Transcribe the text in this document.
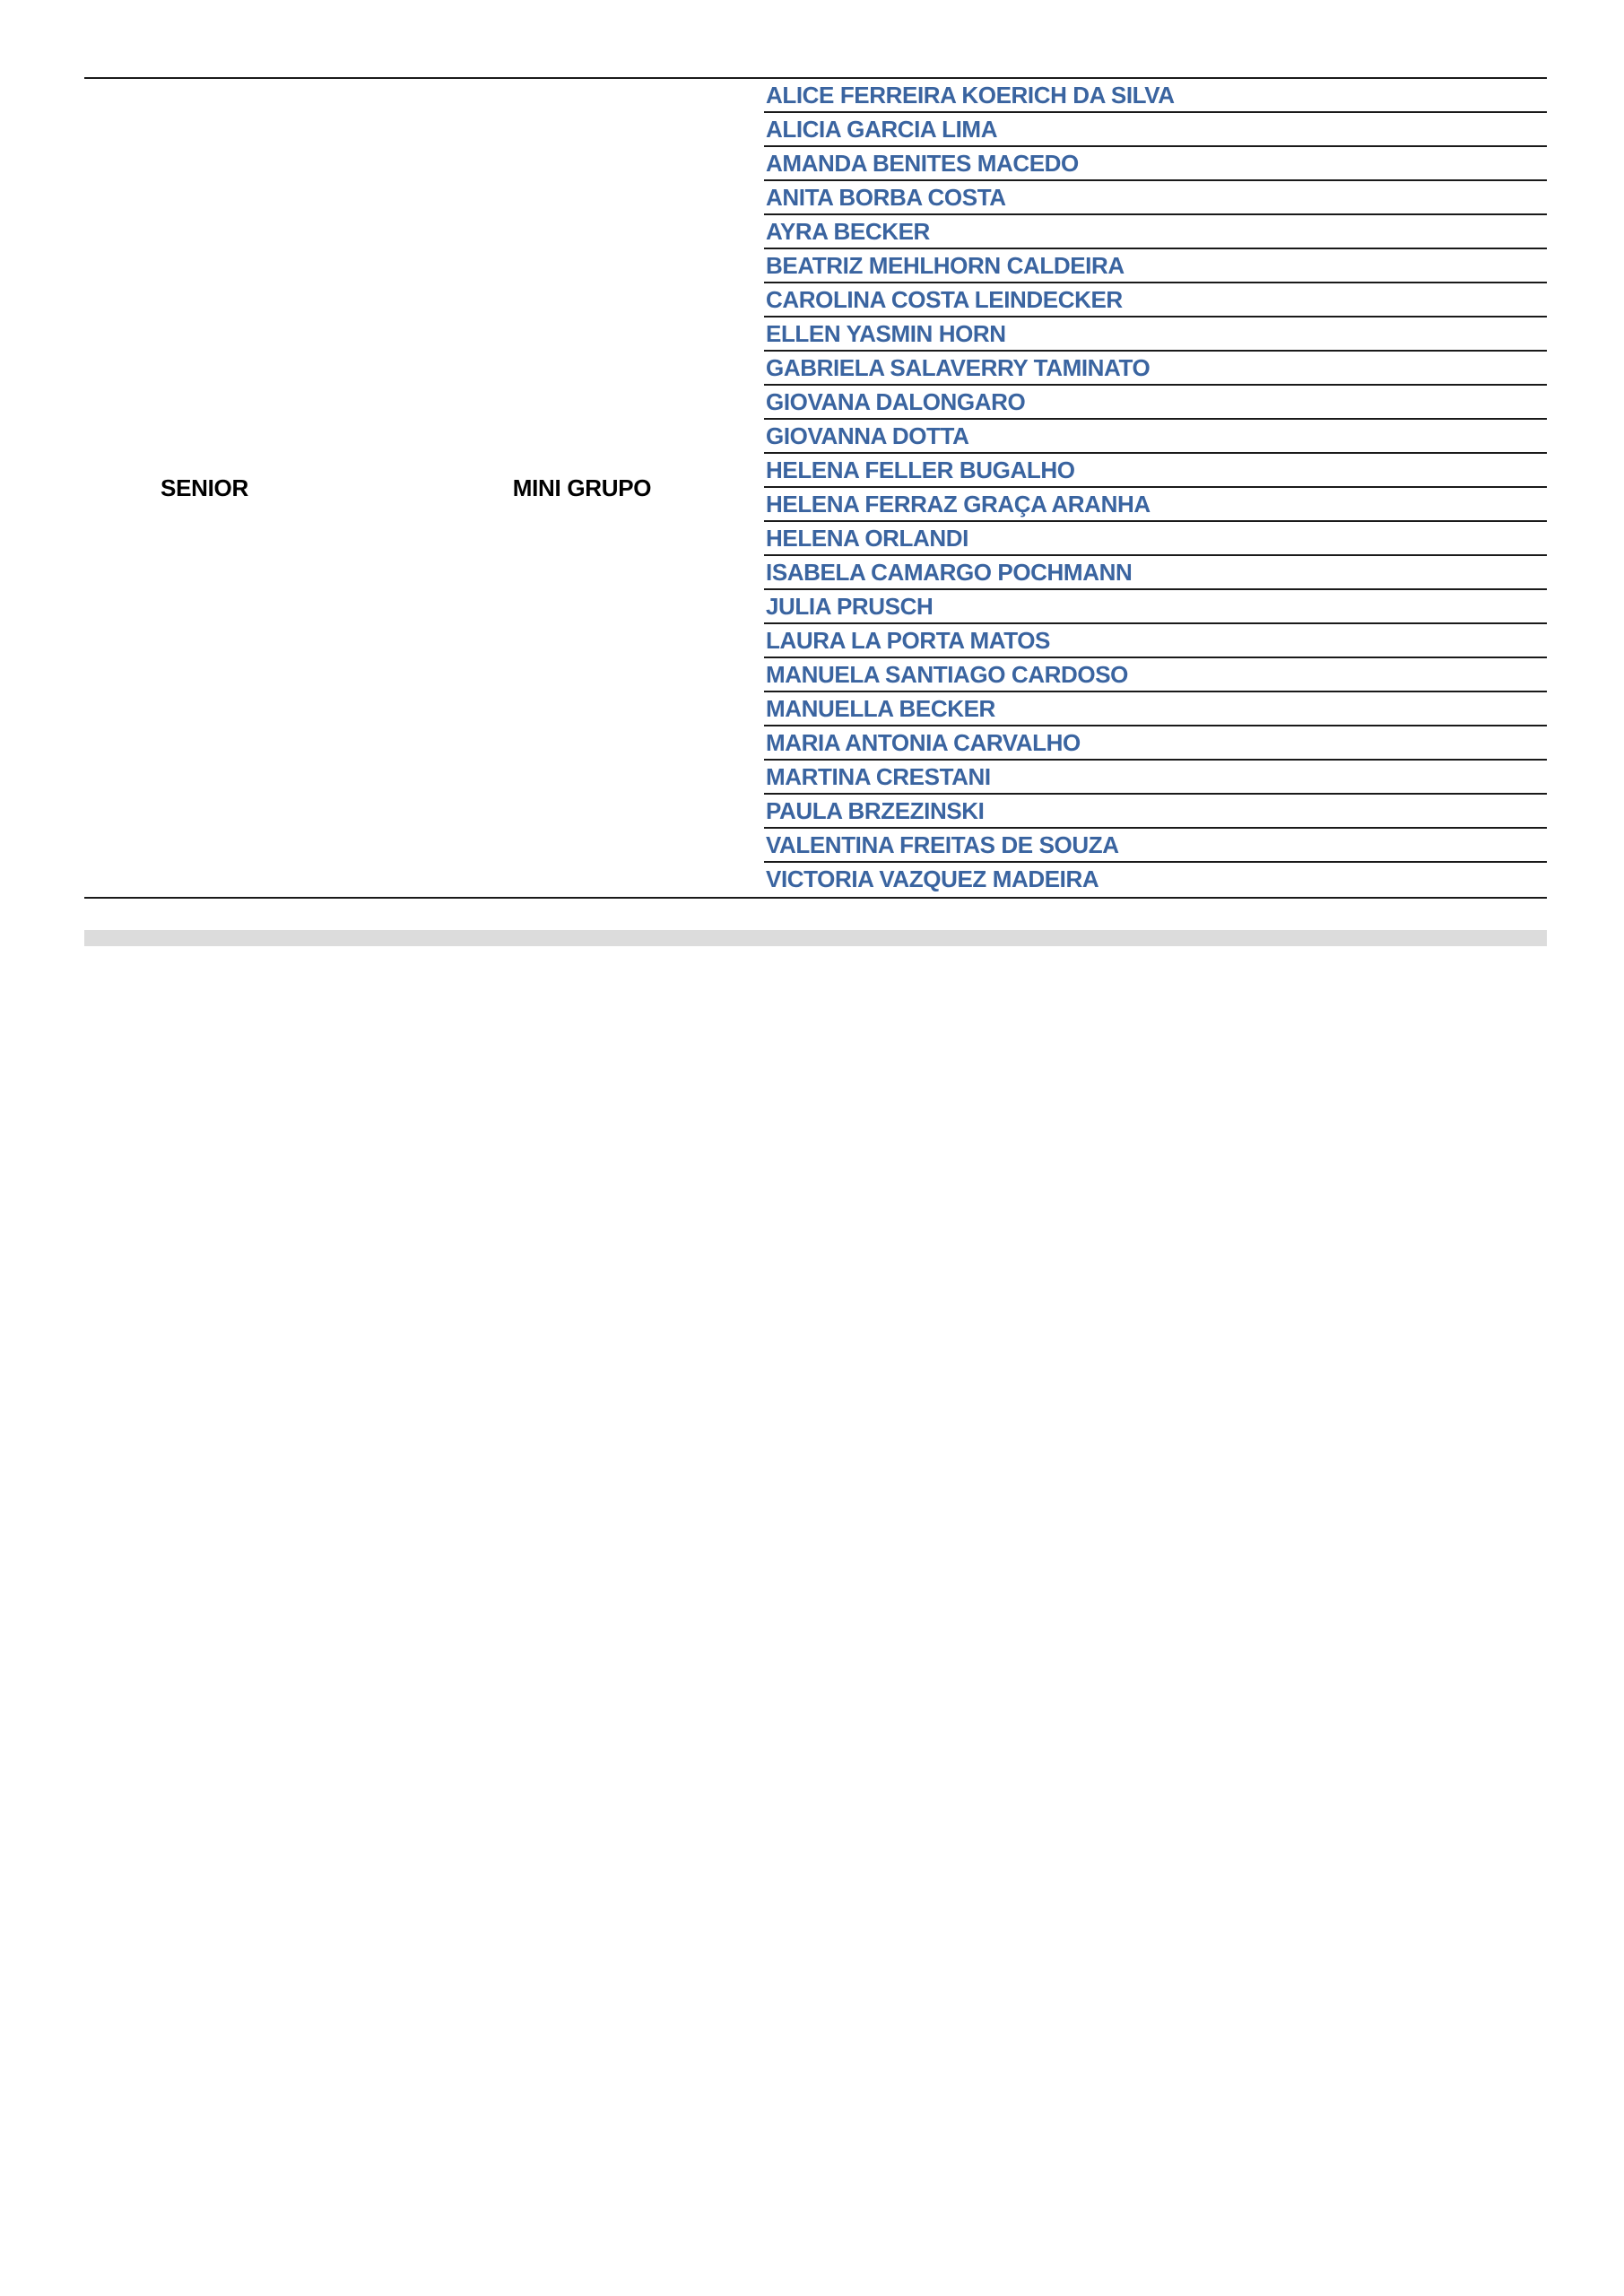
SENIOR	MINI GRUPO
ALICE FERREIRA KOERICH DA SILVA
ALICIA GARCIA LIMA
AMANDA BENITES MACEDO
ANITA BORBA COSTA
AYRA BECKER
BEATRIZ MEHLHORN CALDEIRA
CAROLINA COSTA LEINDECKER
ELLEN YASMIN HORN
GABRIELA SALAVERRY TAMINATO
GIOVANA DALONGARO
GIOVANNA DOTTA
HELENA FELLER BUGALHO
HELENA FERRAZ GRAÇA ARANHA
HELENA ORLANDI
ISABELA CAMARGO POCHMANN
JULIA PRUSCH
LAURA LA PORTA MATOS
MANUELA SANTIAGO CARDOSO
MANUELLA BECKER
MARIA ANTONIA CARVALHO
MARTINA CRESTANI
PAULA BRZEZINSKI
VALENTINA FREITAS DE SOUZA
VICTORIA VAZQUEZ MADEIRA
